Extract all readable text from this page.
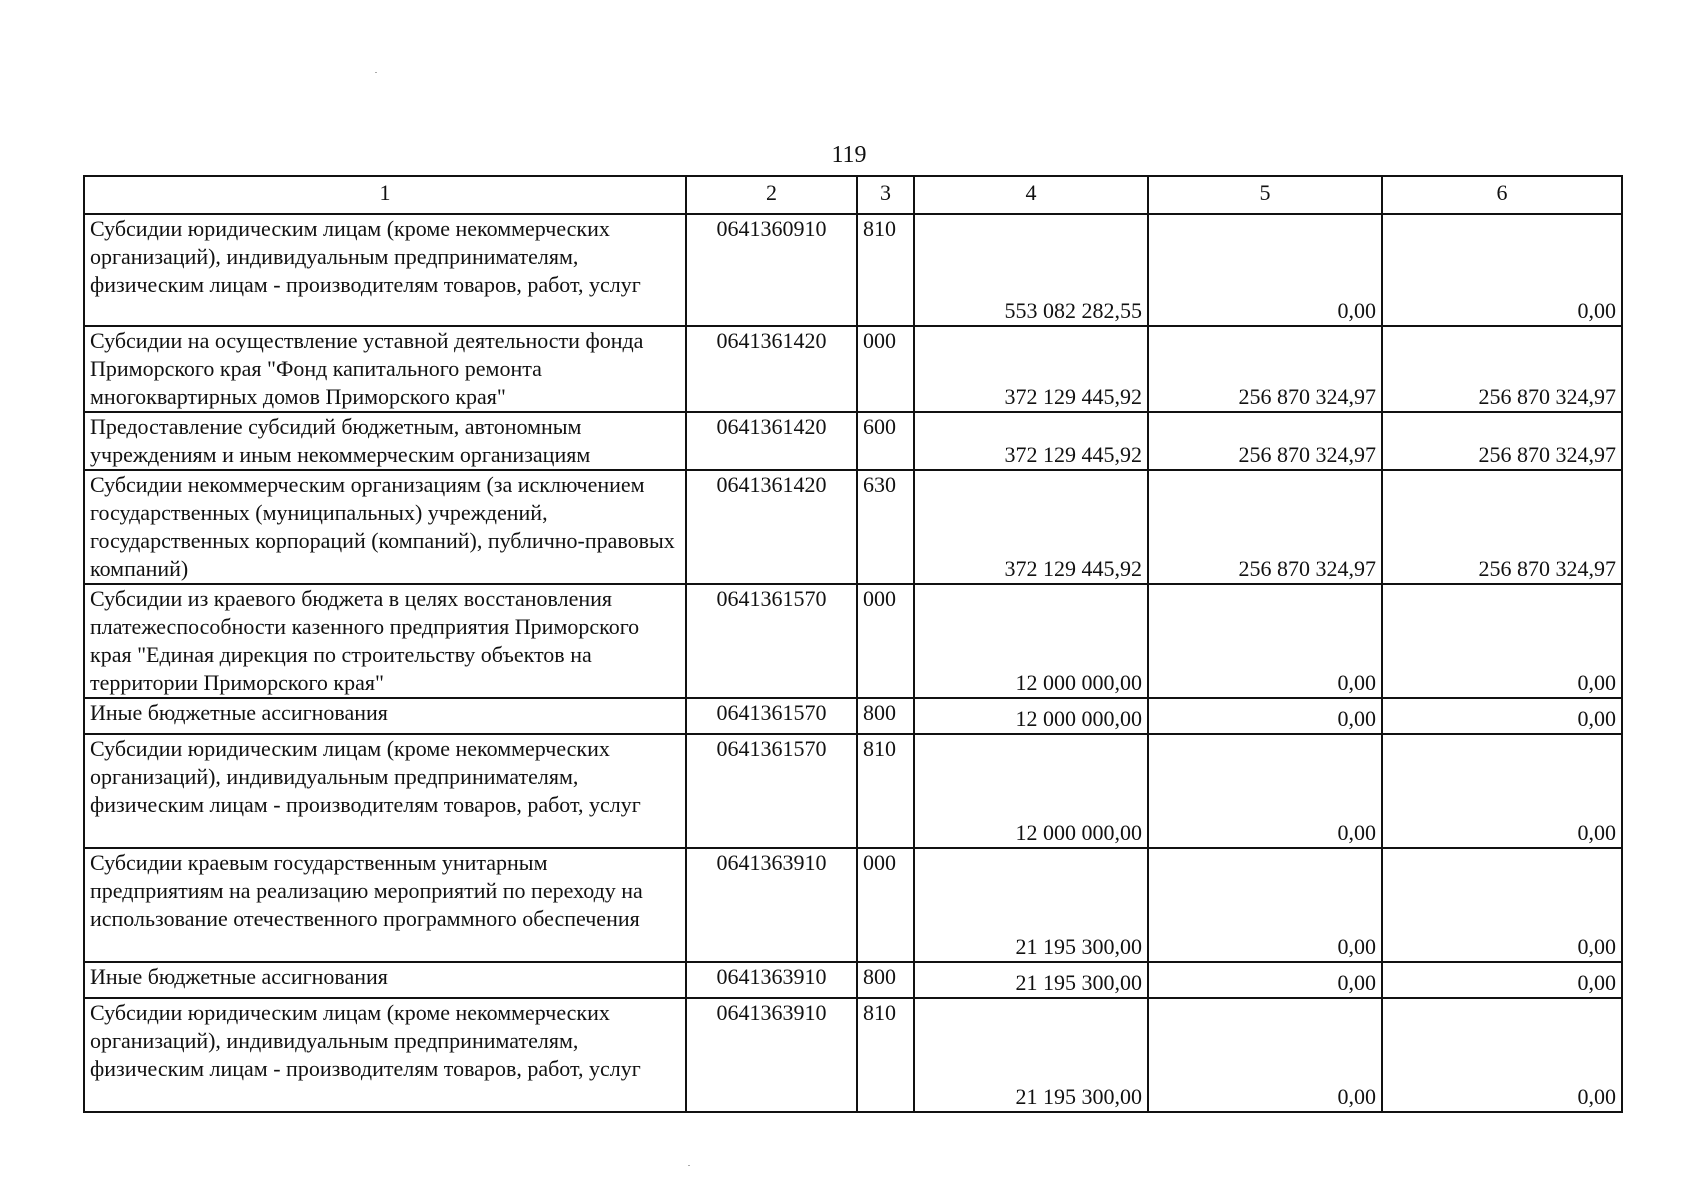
119
1	2	3	4	5	6
Субсидии юридическим лицам (кроме некоммерческих организаций), индивидуальным предпринимателям, физическим лицам - производителям товаров, работ, услуг	0641360910	810	553 082 282,55	0,00	0,00
Субсидии на осуществление уставной деятельности фонда Приморского края "Фонд капитального ремонта многоквартирных домов Приморского края"	0641361420	000	372 129 445,92	256 870 324,97	256 870 324,97
Предоставление субсидий бюджетным, автономным учреждениям и иным некоммерческим организациям	0641361420	600	372 129 445,92	256 870 324,97	256 870 324,97
Субсидии некоммерческим организациям (за исключением государственных (муниципальных) учреждений, государственных корпораций (компаний), публично-правовых компаний)	0641361420	630	372 129 445,92	256 870 324,97	256 870 324,97
Субсидии из краевого бюджета в целях восстановления платежеспособности казенного предприятия Приморского края "Единая дирекция по строительству объектов на территории Приморского края"	0641361570	000	12 000 000,00	0,00	0,00
Иные бюджетные ассигнования	0641361570	800	12 000 000,00	0,00	0,00
Субсидии юридическим лицам (кроме некоммерческих организаций), индивидуальным предпринимателям, физическим лицам - производителям товаров, работ, услуг	0641361570	810	12 000 000,00	0,00	0,00
Субсидии краевым государственным унитарным предприятиям на реализацию мероприятий по переходу на использование отечественного программного обеспечения	0641363910	000	21 195 300,00	0,00	0,00
Иные бюджетные ассигнования	0641363910	800	21 195 300,00	0,00	0,00
Субсидии юридическим лицам (кроме некоммерческих организаций), индивидуальным предпринимателям, физическим лицам - производителям товаров, работ, услуг	0641363910	810	21 195 300,00	0,00	0,00
